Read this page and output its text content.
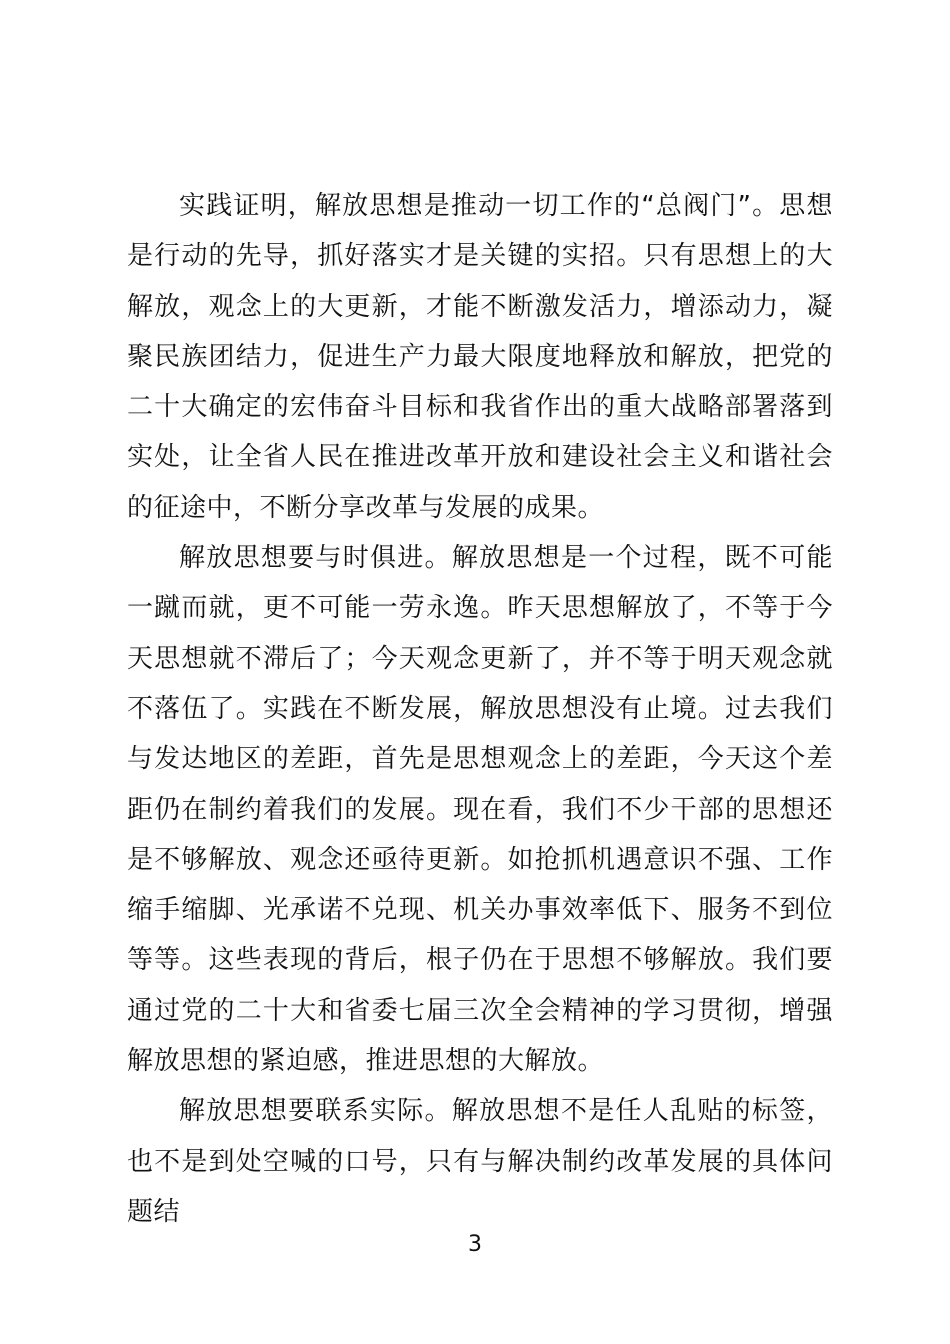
实践证明，解放思想是推动一切工作的“总阀门”。思想是行动的先导，抓好落实才是关键的实招。只有思想上的大解放，观念上的大更新，才能不断激发活力，增添动力，凝聚民族团结力，促进生产力最大限度地释放和解放，把党的二十大确定的宏伟奋斗目标和我省作出的重大战略部署落到实处，让全省人民在推进改革开放和建设社会主义和谐社会的征途中，不断分享改革与发展的成果。

解放思想要与时俱进。解放思想是一个过程，既不可能一蹴而就，更不可能一劳永逸。昨天思想解放了，不等于今天思想就不滞后了；今天观念更新了，并不等于明天观念就不落伍了。实践在不断发展，解放思想没有止境。过去我们与发达地区的差距，首先是思想观念上的差距，今天这个差距仍在制约着我们的发展。现在看，我们不少干部的思想还是不够解放、观念还亟待更新。如抢抓机遇意识不强、工作缩手缩脚、光承诺不兑现、机关办事效率低下、服务不到位等等。这些表现的背后，根子仍在于思想不够解放。我们要通过党的二十大和省委七届三次全会精神的学习贯彻，增强解放思想的紧迫感，推进思想的大解放。

解放思想要联系实际。解放思想不是任人乱贴的标签，也不是到处空喊的口号，只有与解决制约改革发展的具体问题结

3
